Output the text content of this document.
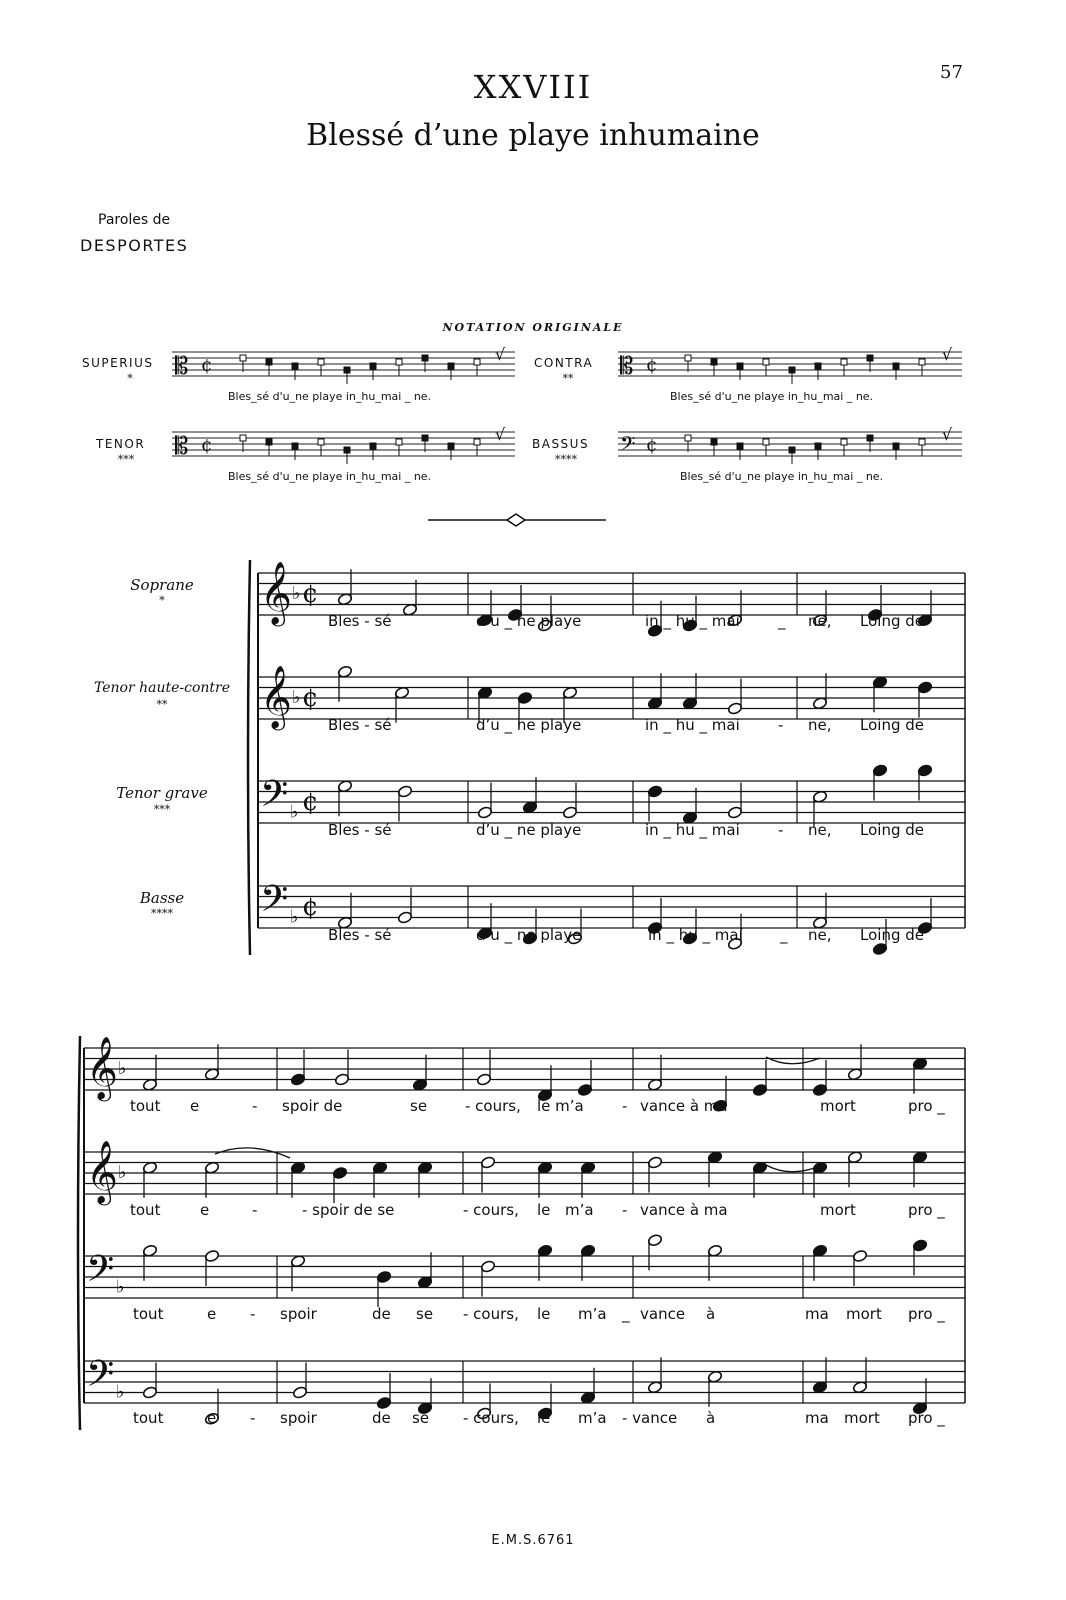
57
XXVIII
Blessé d’une playe inhumaine
Paroles de
DESPORTES
NOTATION ORIGINALE
SUPERIUS
*
CONTRA
**
TENOR
***
BASSUS
****
Bles_sé d'u_ne playe in_hu_mai _ ne.	Bles_sé d'u_ne playe in_hu_mai _ ne.
Bles_sé d'u_ne playe in_hu_mai _ ne.	Bles_sé d'u_ne playe in_hu_mai _ ne.
𝄡 ¢
√	𝄡 ¢
√
𝄡 ¢
√	𝄢 ¢
√
𝄞 ♭ ¢
𝄞 ♭ ¢
𝄢 ♭ ¢
𝄢 ♭ ¢
𝄞 ♭
𝄞 ♭
𝄢 ♭
𝄢 ♭
Soprane
*
Tenor haute-contre
**
Tenor grave
***
Basse
****
Bles - sé	d’u _ ne playe	in _ hu _ mai	_ ne, Loing de
Bles - sé	d’u _ ne playe	in _ hu _ mai	- ne, Loing de
Bles - sé	d’u _ ne playe	in _ hu _ mai	- ne, Loing de
Bles - sé	d’u _ ne playe	in _ hu _ maí _ ne, Loing de
tout e	- spoir de	se	- cours, le m’a	- vance à ma	mort	pro _
tout	e	-	- spoir de se	- cours, le m’a - vance à ma	mort	pro _
tout	e - spoir	de se - cours, le m’a _ vance à	ma mort pro _
tout	e - spoir	de se - cours, le m’a - vance à	ma mort pro _
E.M.S.6761
